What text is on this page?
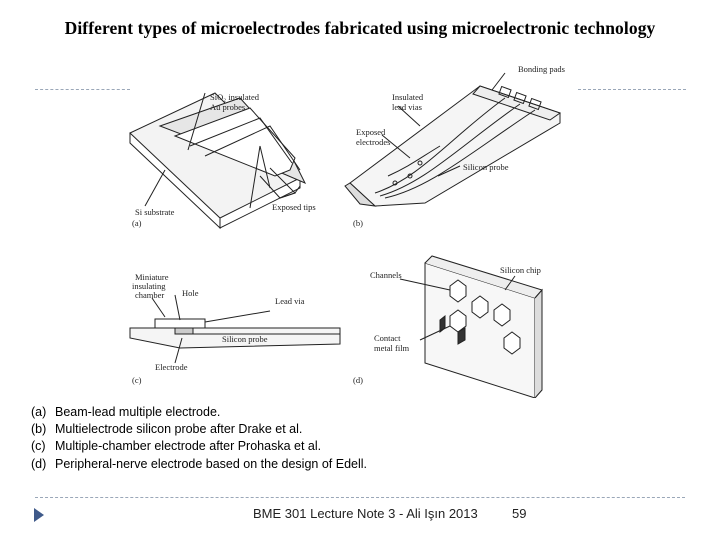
Different types of microelectrodes fabricated using microelectronic technology
SiO₂ insulated
Au probes
Si substrate	Exposed tips
(a)
Bonding pads
Insulated
lead vias
Exposed
electrodes
Silicon probe
(b)
Miniature
insulating
chamber Hole
Lead via
Silicon probe
Electrode
(c)
Channels	Silicon chip
Contact
metal film
(d)
(a) Beam-lead multiple electrode.
(b) Multielectrode silicon probe after Drake et al.
(c) Multiple-chamber electrode after Prohaska et al.
(d) Peripheral-nerve electrode based on the design of Edell.
BME 301 Lecture Note 3 - Ali Işın 2013	59
